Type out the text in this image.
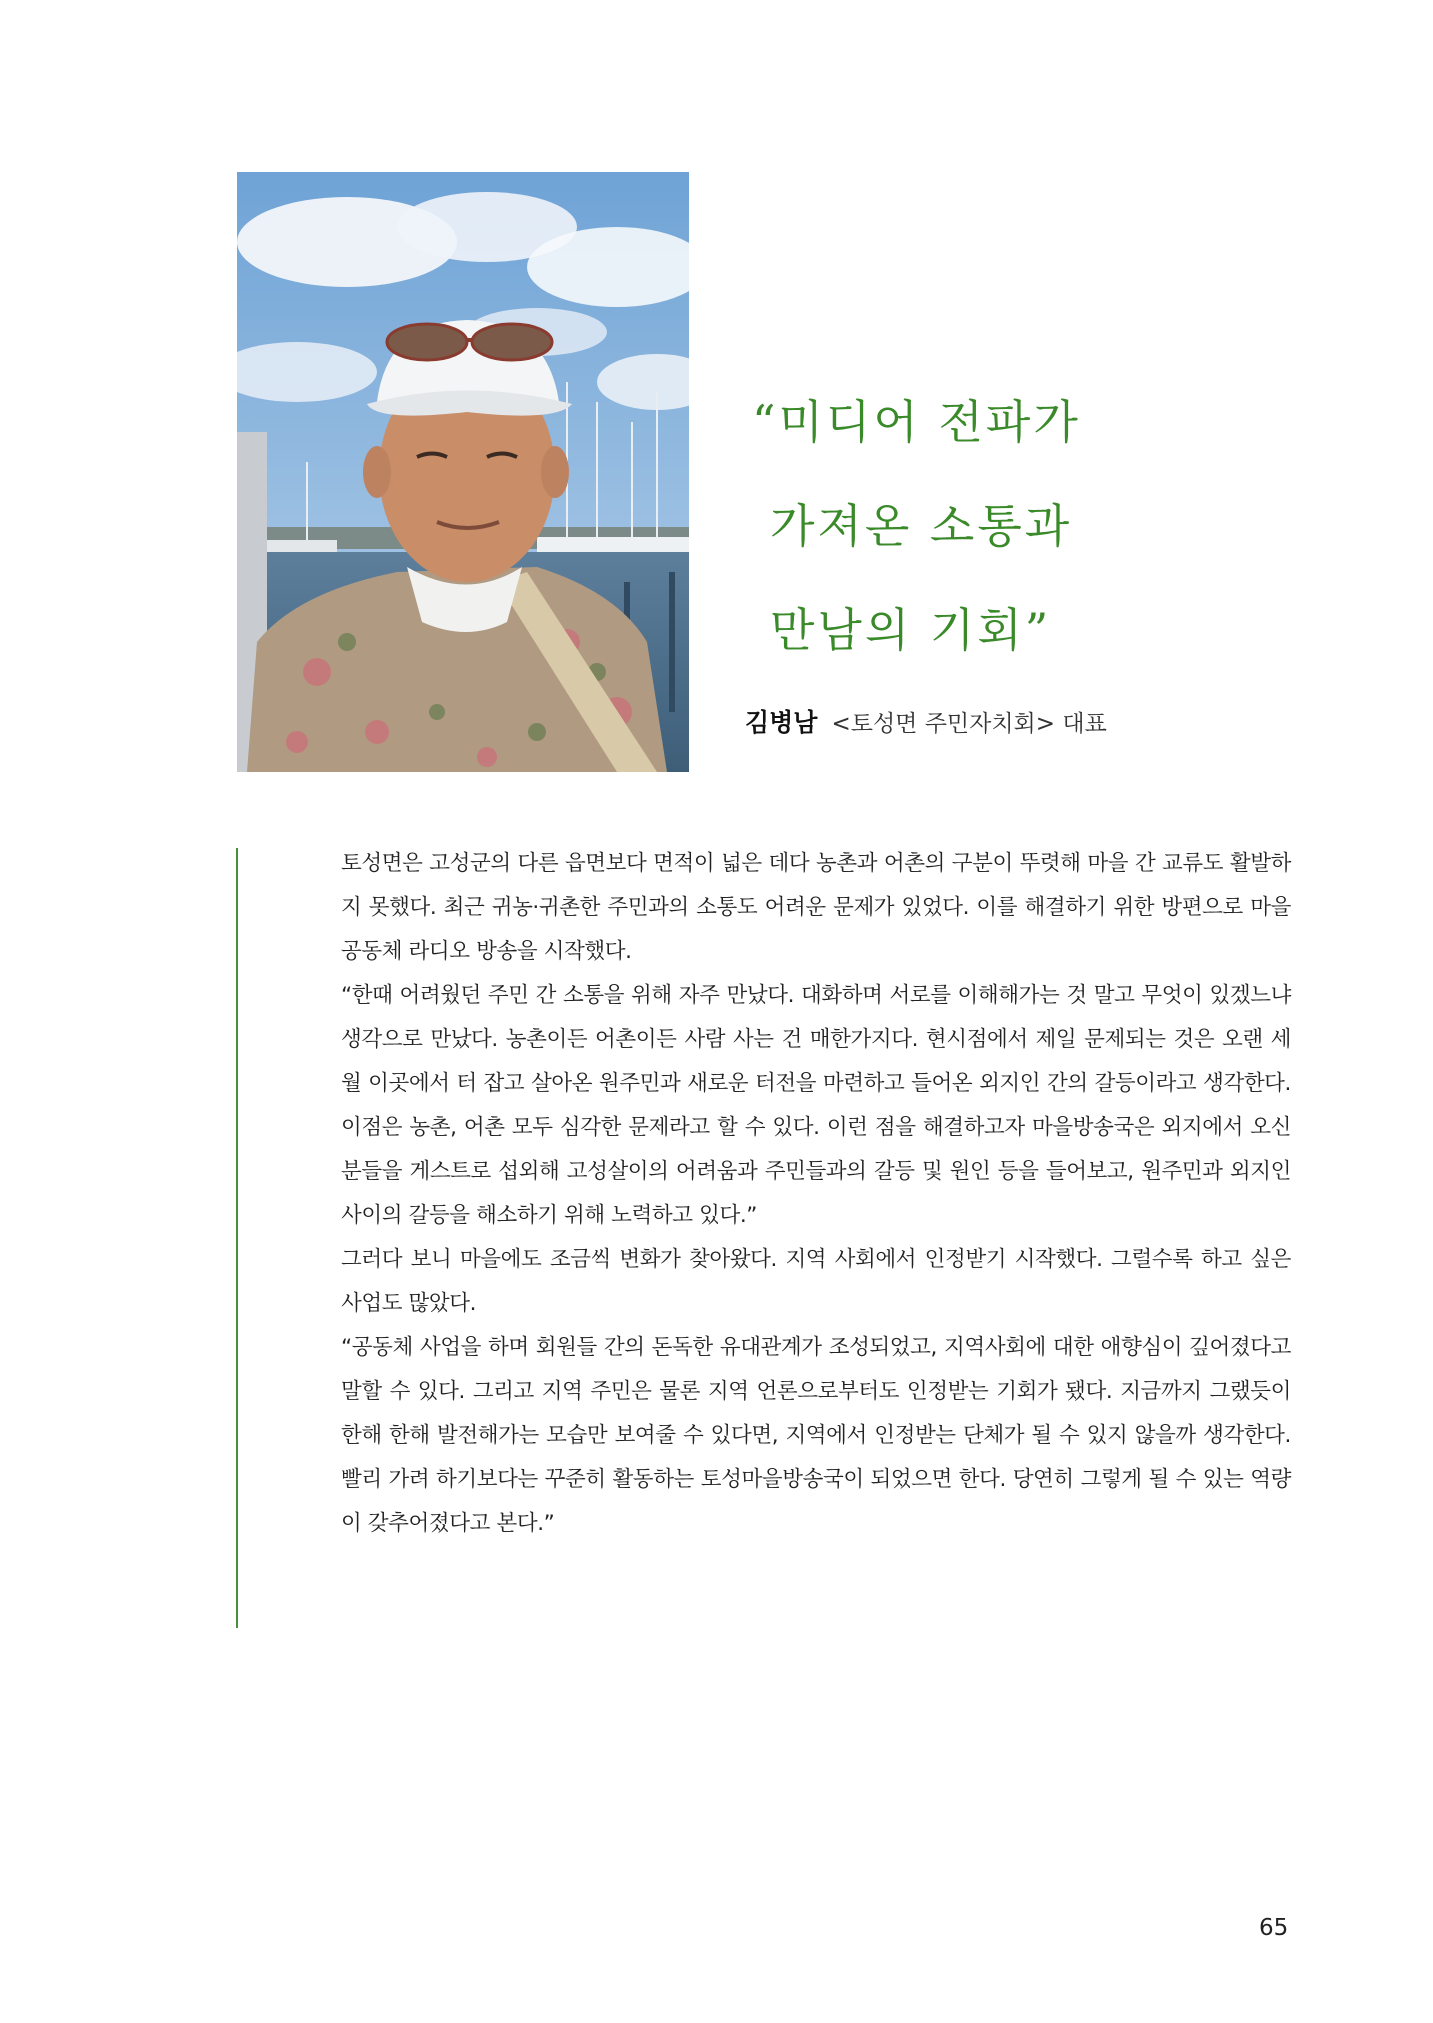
“미디어 전파가
가져온 소통과
만남의 기회”
김병남 <토성면 주민자치회> 대표

토성면은 고성군의 다른 읍면보다 면적이 넓은 데다 농촌과 어촌의 구분이 뚜렷해 마을 간 교류도 활발하지 못했다. 최근 귀농·귀촌한 주민과의 소통도 어려운 문제가 있었다. 이를 해결하기 위한 방편으로 마을공동체 라디오 방송을 시작했다.

“한때 어려웠던 주민 간 소통을 위해 자주 만났다. 대화하며 서로를 이해해가는 것 말고 무엇이 있겠느냐 생각으로 만났다. 농촌이든 어촌이든 사람 사는 건 매한가지다. 현시점에서 제일 문제되는 것은 오랜 세월 이곳에서 터 잡고 살아온 원주민과 새로운 터전을 마련하고 들어온 외지인 간의 갈등이라고 생각한다. 이점은 농촌, 어촌 모두 심각한 문제라고 할 수 있다. 이런 점을 해결하고자 마을방송국은 외지에서 오신 분들을 게스트로 섭외해 고성살이의 어려움과 주민들과의 갈등 및 원인 등을 들어보고, 원주민과 외지인 사이의 갈등을 해소하기 위해 노력하고 있다.”

그러다 보니 마을에도 조금씩 변화가 찾아왔다. 지역 사회에서 인정받기 시작했다. 그럴수록 하고 싶은 사업도 많았다.

“공동체 사업을 하며 회원들 간의 돈독한 유대관계가 조성되었고, 지역사회에 대한 애향심이 깊어졌다고 말할 수 있다. 그리고 지역 주민은 물론 지역 언론으로부터도 인정받는 기회가 됐다. 지금까지 그랬듯이 한해 한해 발전해가는 모습만 보여줄 수 있다면, 지역에서 인정받는 단체가 될 수 있지 않을까 생각한다. 빨리 가려 하기보다는 꾸준히 활동하는 토성마을방송국이 되었으면 한다. 당연히 그렇게 될 수 있는 역량이 갖추어졌다고 본다.”

65
